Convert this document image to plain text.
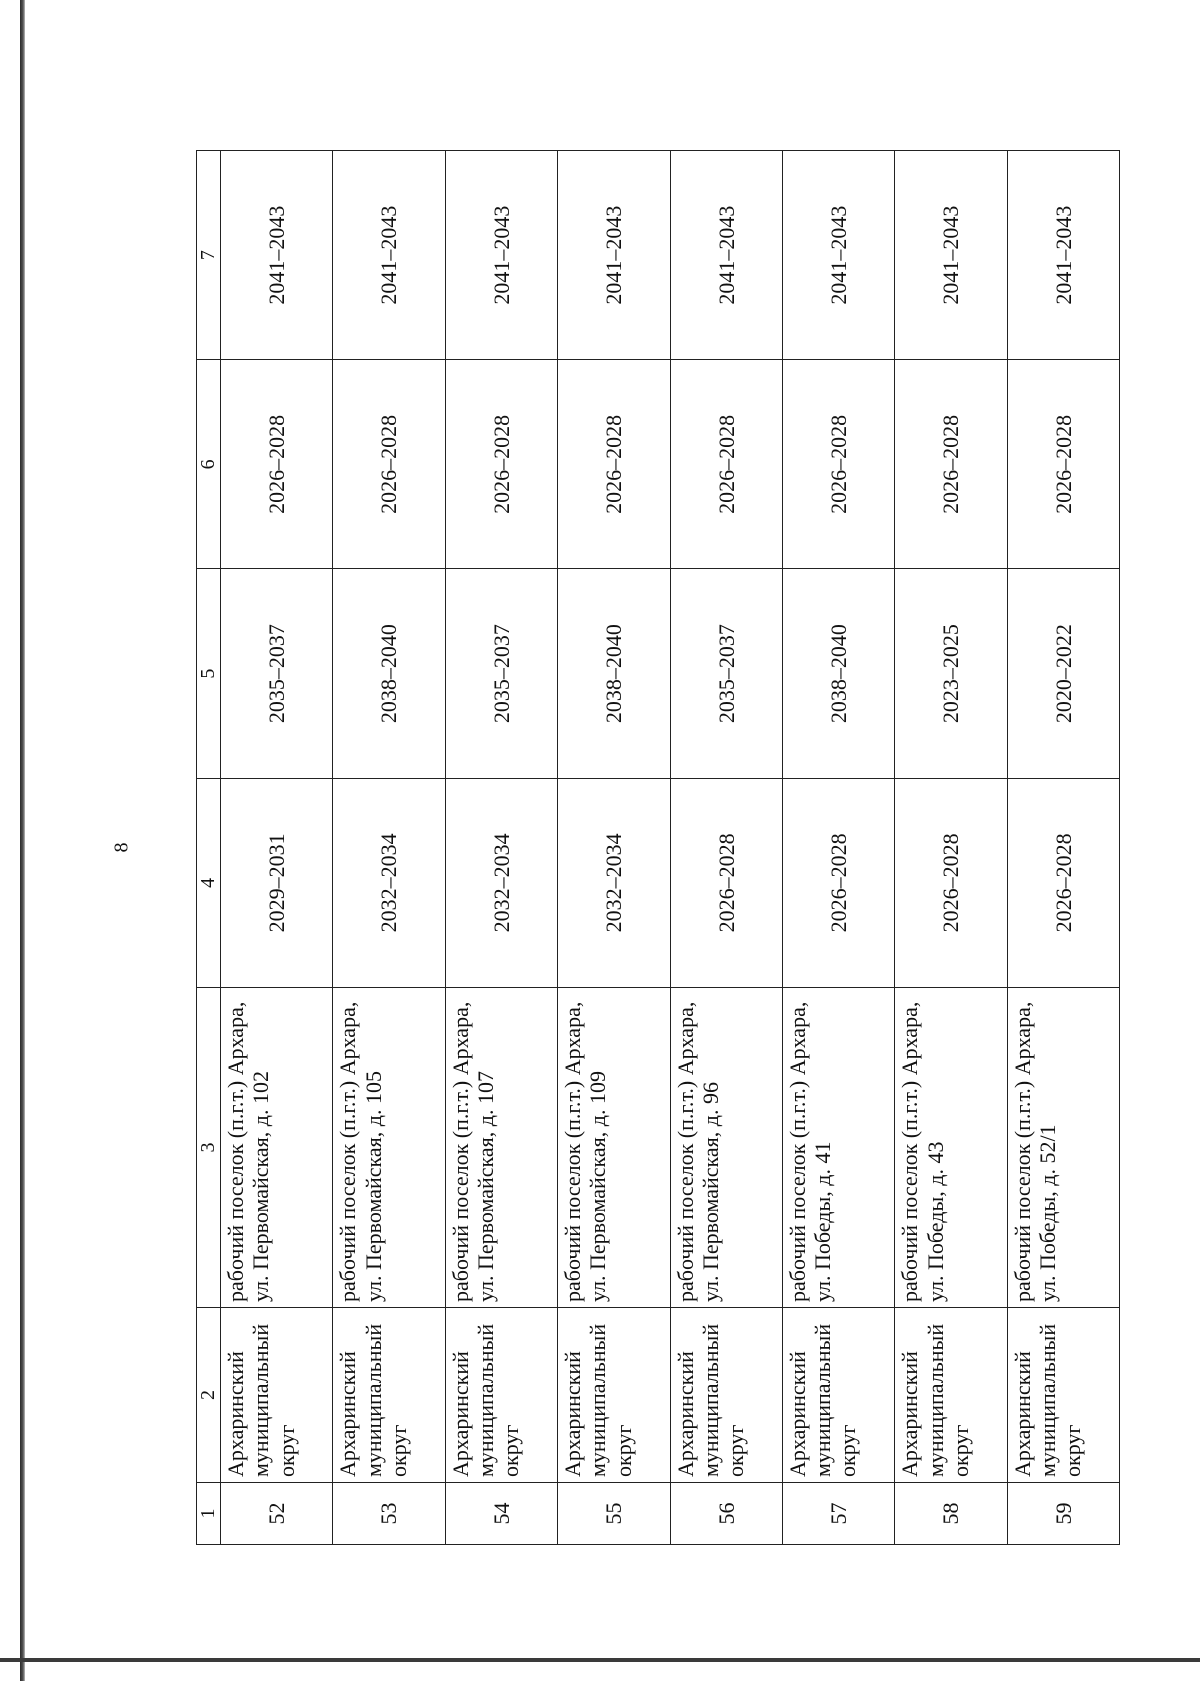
8
1	2	3	4	5	6	7
52	Архаринский муниципальный округ	рабочий поселок (п.г.т.) Архара, ул. Первомайская, д. 102	2029–2031	2035–2037	2026–2028	2041–2043
53	Архаринский муниципальный округ	рабочий поселок (п.г.т.) Архара, ул. Первомайская, д. 105	2032–2034	2038–2040	2026–2028	2041–2043
54	Архаринский муниципальный округ	рабочий поселок (п.г.т.) Архара, ул. Первомайская, д. 107	2032–2034	2035–2037	2026–2028	2041–2043
55	Архаринский муниципальный округ	рабочий поселок (п.г.т.) Архара, ул. Первомайская, д. 109	2032–2034	2038–2040	2026–2028	2041–2043
56	Архаринский муниципальный округ	рабочий поселок (п.г.т.) Архара, ул. Первомайская, д. 96	2026–2028	2035–2037	2026–2028	2041–2043
57	Архаринский муниципальный округ	рабочий поселок (п.г.т.) Архара, ул. Победы, д. 41	2026–2028	2038–2040	2026–2028	2041–2043
58	Архаринский муниципальный округ	рабочий поселок (п.г.т.) Архара, ул. Победы, д. 43	2026–2028	2023–2025	2026–2028	2041–2043
59	Архаринский муниципальный округ	рабочий поселок (п.г.т.) Архара, ул. Победы, д. 52/1	2026–2028	2020–2022	2026–2028	2041–2043
